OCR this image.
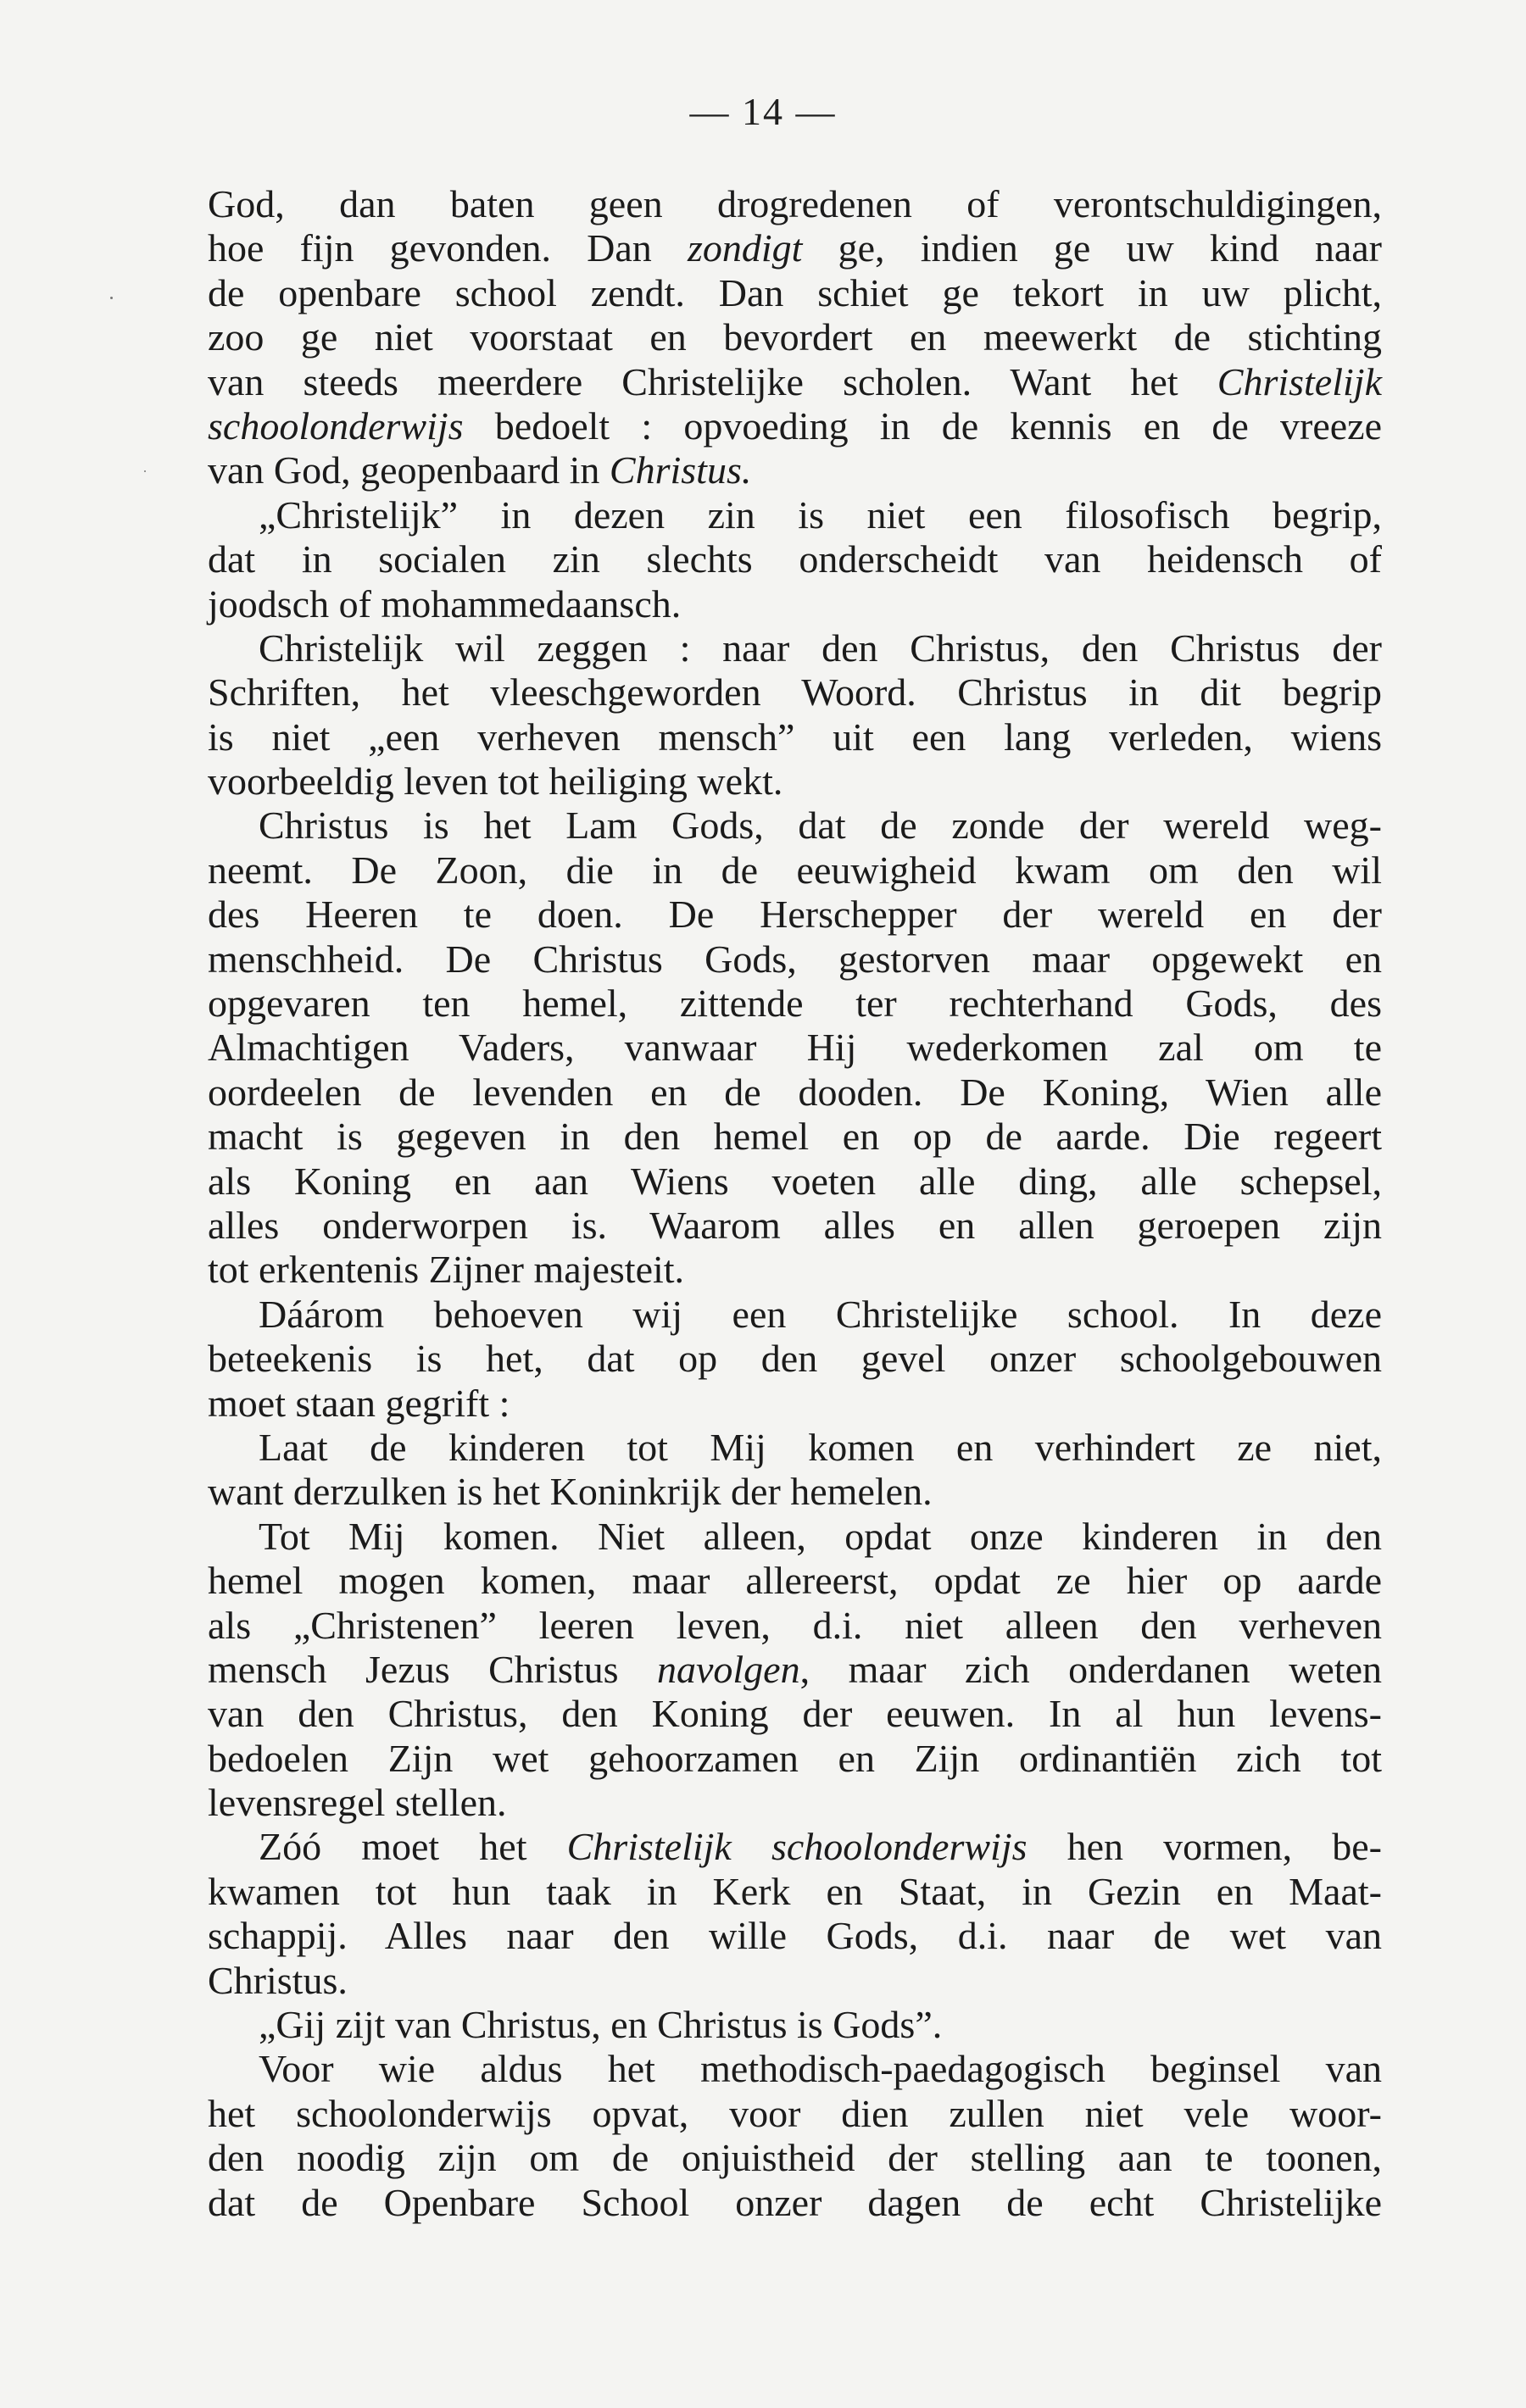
— 14 —
God, dan baten geen drogredenen of verontschuldigingen,
hoe fijn gevonden. Dan zondigt ge, indien ge uw kind naar
de openbare school zendt. Dan schiet ge tekort in uw plicht,
zoo ge niet voorstaat en bevordert en meewerkt de stichting
van steeds meerdere Christelijke scholen. Want het Christelijk
schoolonderwijs bedoelt : opvoeding in de kennis en de vreeze
van God, geopenbaard in Christus.
„Christelijk” in dezen zin is niet een filosofisch begrip,
dat in socialen zin slechts onderscheidt van heidensch of
joodsch of mohammedaansch.
Christelijk wil zeggen : naar den Christus, den Christus der
Schriften, het vleeschgeworden Woord. Christus in dit begrip
is niet „een verheven mensch” uit een lang verleden, wiens
voorbeeldig leven tot heiliging wekt.
Christus is het Lam Gods, dat de zonde der wereld weg-
neemt. De Zoon, die in de eeuwigheid kwam om den wil
des Heeren te doen. De Herschepper der wereld en der
menschheid. De Christus Gods, gestorven maar opgewekt en
opgevaren ten hemel, zittende ter rechterhand Gods, des
Almachtigen Vaders, vanwaar Hij wederkomen zal om te
oordeelen de levenden en de dooden. De Koning, Wien alle
macht is gegeven in den hemel en op de aarde. Die regeert
als Koning en aan Wiens voeten alle ding, alle schepsel,
alles onderworpen is. Waarom alles en allen geroepen zijn
tot erkentenis Zijner majesteit.
Dáárom behoeven wij een Christelijke school. In deze
beteekenis is het, dat op den gevel onzer schoolgebouwen
moet staan gegrift :
Laat de kinderen tot Mij komen en verhindert ze niet,
want derzulken is het Koninkrijk der hemelen.
Tot Mij komen. Niet alleen, opdat onze kinderen in den
hemel mogen komen, maar allereerst, opdat ze hier op aarde
als „Christenen” leeren leven, d.i. niet alleen den verheven
mensch Jezus Christus navolgen, maar zich onderdanen weten
van den Christus, den Koning der eeuwen. In al hun levens-
bedoelen Zijn wet gehoorzamen en Zijn ordinantiën zich tot
levensregel stellen.
Zóó moet het Christelijk schoolonderwijs hen vormen, be-
kwamen tot hun taak in Kerk en Staat, in Gezin en Maat-
schappij. Alles naar den wille Gods, d.i. naar de wet van
Christus.
„Gij zijt van Christus, en Christus is Gods”.
Voor wie aldus het methodisch-paedagogisch beginsel van
het schoolonderwijs opvat, voor dien zullen niet vele woor-
den noodig zijn om de onjuistheid der stelling aan te toonen,
dat de Openbare School onzer dagen de echt Christelijke
